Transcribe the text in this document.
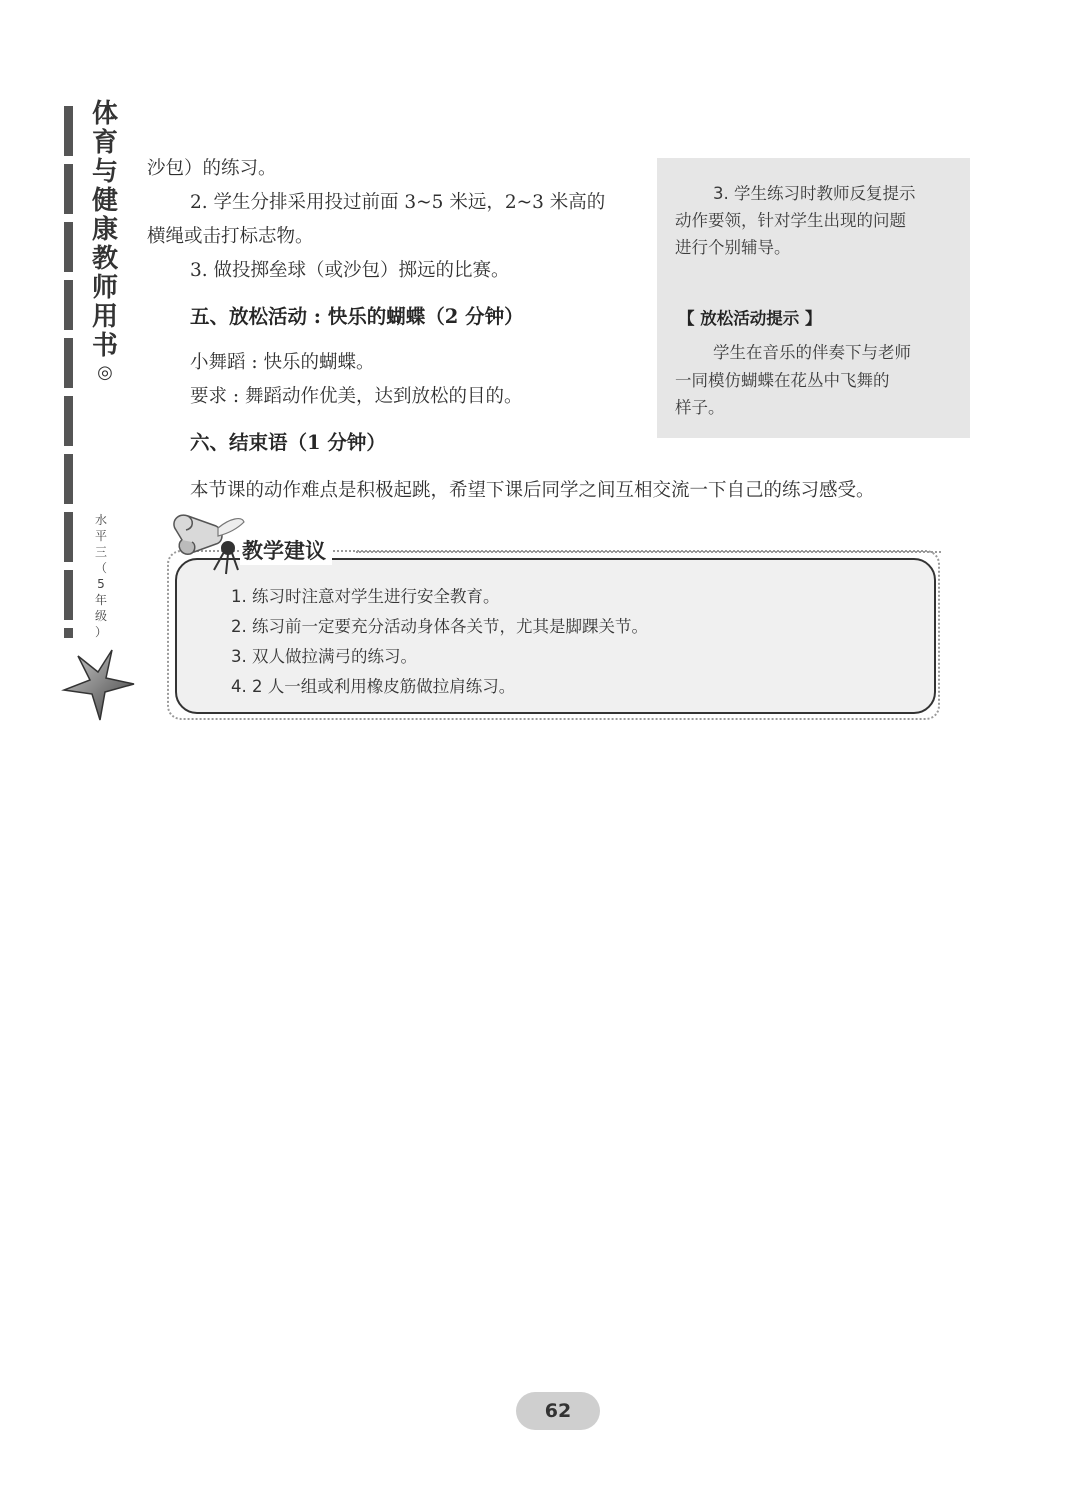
体
育
与
健
康
教
师
用
书
◎
水
平
三
（
5
年
级
）
沙包）的练习。
2. 学生分排采用投过前面 3~5 米远，2~3 米高的
横绳或击打标志物。
3. 做投掷垒球（或沙包）掷远的比赛。
五、放松活动 : 快乐的蝴蝶（2 分钟）
小舞蹈 : 快乐的蝴蝶。
要求 : 舞蹈动作优美，达到放松的目的。
六、结束语（1 分钟）
本节课的动作难点是积极起跳，希望下课后同学之间互相交流一下自己的练习感受。
3. 学生练习时教师反复提示
动作要领，针对学生出现的问题
进行个别辅导。
【 放松活动提示 】
学生在音乐的伴奏下与老师
一同模仿蝴蝶在花丛中飞舞的
样子。
教学建议
1. 练习时注意对学生进行安全教育。
2. 练习前一定要充分活动身体各关节，尤其是脚踝关节。
3. 双人做拉满弓的练习。
4. 2 人一组或利用橡皮筋做拉肩练习。
62
